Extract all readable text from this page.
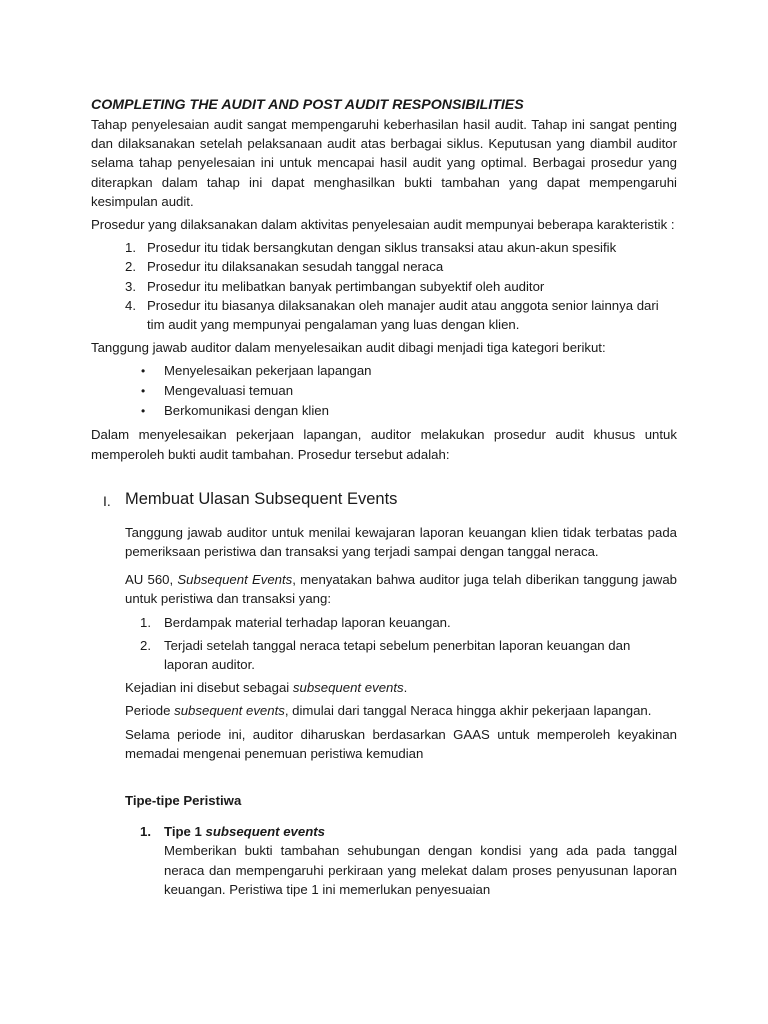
COMPLETING THE AUDIT AND POST AUDIT RESPONSIBILITIES

Tahap penyelesaian audit sangat mempengaruhi keberhasilan hasil audit. Tahap ini sangat penting dan dilaksanakan setelah pelaksanaan audit atas berbagai siklus. Keputusan yang diambil auditor selama tahap penyelesaian ini untuk mencapai hasil audit yang optimal. Berbagai prosedur yang diterapkan dalam tahap ini dapat menghasilkan bukti tambahan yang dapat mempengaruhi kesimpulan audit.

Prosedur yang dilaksanakan dalam aktivitas penyelesaian audit mempunyai beberapa karakteristik :

1. Prosedur itu tidak bersangkutan dengan siklus transaksi atau akun-akun spesifik
2. Prosedur itu dilaksanakan sesudah tanggal neraca
3. Prosedur itu melibatkan banyak pertimbangan subyektif oleh auditor
4. Prosedur itu biasanya dilaksanakan oleh manajer audit atau anggota senior lainnya dari tim audit yang mempunyai pengalaman yang luas dengan klien.

Tanggung jawab auditor dalam menyelesaikan audit dibagi menjadi tiga kategori berikut:

• Menyelesaikan pekerjaan lapangan
• Mengevaluasi temuan
• Berkomunikasi dengan klien

Dalam menyelesaikan pekerjaan lapangan, auditor melakukan prosedur audit khusus untuk memperoleh bukti audit tambahan. Prosedur tersebut adalah:

I. Membuat Ulasan Subsequent Events

Tanggung jawab auditor untuk menilai kewajaran laporan keuangan klien tidak terbatas pada pemeriksaan peristiwa dan transaksi yang terjadi sampai dengan tanggal neraca.

AU 560, Subsequent Events, menyatakan bahwa auditor juga telah diberikan tanggung jawab untuk peristiwa dan transaksi yang:

1. Berdampak material terhadap laporan keuangan.
2. Terjadi setelah tanggal neraca tetapi sebelum penerbitan laporan keuangan dan laporan auditor.

Kejadian ini disebut sebagai subsequent events.

Periode subsequent events, dimulai dari tanggal Neraca hingga akhir pekerjaan lapangan.

Selama periode ini, auditor diharuskan berdasarkan GAAS untuk memperoleh keyakinan memadai mengenai penemuan peristiwa kemudian

Tipe-tipe Peristiwa
1. Tipe 1 subsequent events

Memberikan bukti tambahan sehubungan dengan kondisi yang ada pada tanggal neraca dan mempengaruhi perkiraan yang melekat dalam proses penyusunan laporan keuangan. Peristiwa tipe 1 ini memerlukan penyesuaian
